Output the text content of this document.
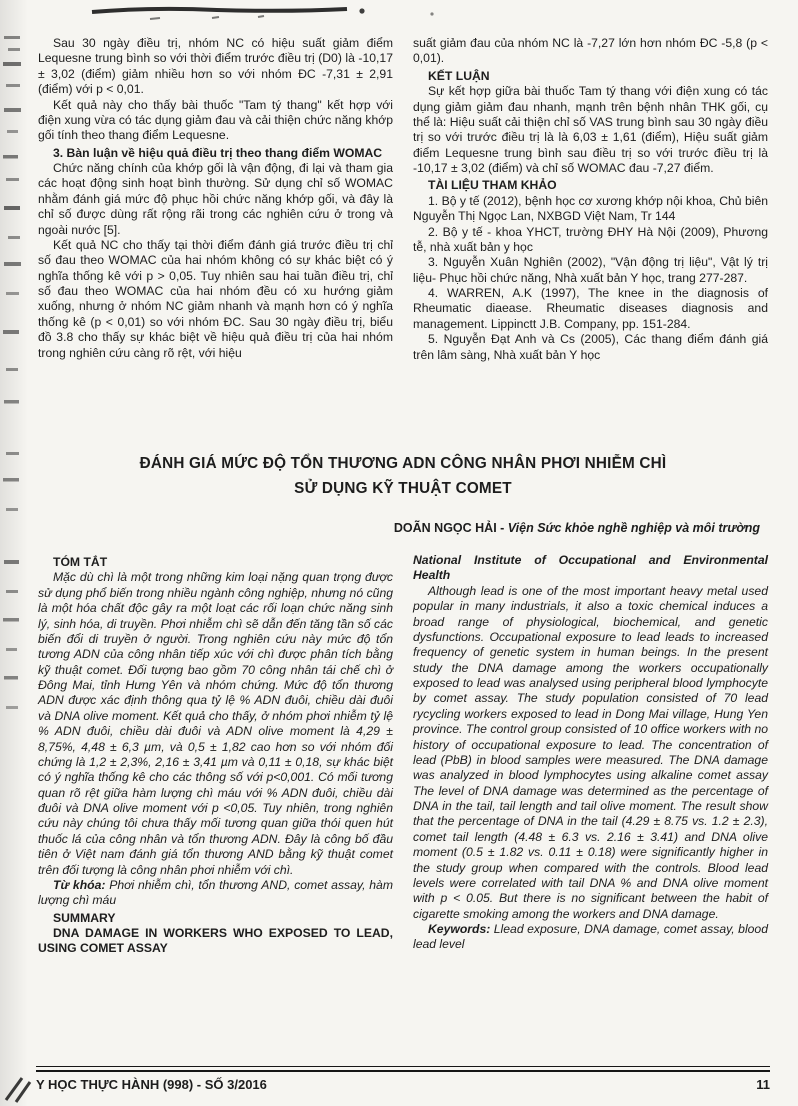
Sau 30 ngày điều trị, nhóm NC có hiệu suất giảm điểm Lequesne trung bình so với thời điểm trước điều trị (D0) là -10,17 ± 3,02 (điểm) giảm nhiều hơn so với nhóm ĐC -7,31 ± 2,91 (điểm) với p < 0,01.

Kết quả này cho thấy bài thuốc "Tam tý thang" kết hợp với điện xung vừa có tác dụng giảm đau và cải thiện chức năng khớp gối tính theo thang điểm Lequesne.

3. Bàn luận về hiệu quả điều trị theo thang điểm WOMAC

Chức năng chính của khớp gối là vận động, đi lại và tham gia các hoạt động sinh hoạt bình thường. Sử dụng chỉ số WOMAC nhằm đánh giá mức độ phục hồi chức năng khớp gối, và đây là chỉ số được dùng rất rộng rãi trong các nghiên cứu ở trong và ngoài nước [5].

Kết quả NC cho thấy tại thời điểm đánh giá trước điều trị chỉ số đau theo WOMAC của hai nhóm không có sự khác biệt có ý nghĩa thống kê với p > 0,05. Tuy nhiên sau hai tuần điều trị, chỉ số đau theo WOMAC của hai nhóm đều có xu hướng giảm xuống, nhưng ở nhóm NC giảm nhanh và mạnh hơn có ý nghĩa thống kê (p < 0,01) so với nhóm ĐC. Sau 30 ngày điều trị, biểu đồ 3.8 cho thấy sự khác biệt về hiệu quả điều trị của hai nhóm trong nghiên cứu càng rõ rệt, với hiệu

suất giảm đau của nhóm NC là -7,27 lớn hơn nhóm ĐC -5,8 (p < 0,01).

KẾT LUẬN

Sự kết hợp giữa bài thuốc Tam tý thang với điện xung có tác dụng giảm giảm đau nhanh, mạnh trên bệnh nhân THK gối, cụ thể là: Hiệu suất cải thiện chỉ số VAS trung bình sau 30 ngày điều trị so với trước điều trị là là 6,03 ± 1,61 (điểm), Hiệu suất giảm điểm Lequesne trung bình sau điều trị so với trước điều trị là -10,17 ± 3,02 (điểm) và chỉ số WOMAC đau -7,27 điểm.

TÀI LIỆU THAM KHẢO

1. Bộ y tế (2012), bệnh học cơ xương khớp nội khoa, Chủ biên Nguyễn Thị Ngọc Lan, NXBGD Việt Nam, Tr 144

2. Bộ y tế - khoa YHCT, trường ĐHY Hà Nội (2009), Phương tễ, nhà xuất bản y học

3. Nguyễn Xuân Nghiên (2002), "Vận động trị liệu", Vật lý trị liệu- Phục hồi chức năng, Nhà xuất bản Y học, trang 277-287.

4. WARREN, A.K (1997), The knee in the diagnosis of Rheumatic diaease. Rheumatic diseases diagnosis and management. Lippinctt J.B. Company, pp. 151-284.

5. Nguyễn Đạt Anh và Cs (2005), Các thang điểm đánh giá trên lâm sàng, Nhà xuất bản Y học

ĐÁNH GIÁ MỨC ĐỘ TỔN THƯƠNG ADN CÔNG NHÂN PHƠI NHIỄM CHÌ
SỬ DỤNG KỸ THUẬT COMET
DOÃN NGỌC HẢI - Viện Sức khỏe nghề nghiệp và môi trường

TÓM TẮT

Mặc dù chì là một trong những kim loại nặng quan trọng được sử dụng phổ biến trong nhiều ngành công nghiệp, nhưng nó cũng là một hóa chất độc gây ra một loạt các rối loạn chức năng sinh lý, sinh hóa, di truyền. Phơi nhiễm chì sẽ dẫn đến tăng tần số các biến đổi di truyền ở người. Trong nghiên cứu này mức độ tổn tương ADN của công nhân tiếp xúc với chì được phân tích bằng kỹ thuật comet. Đối tượng bao gồm 70 công nhân tái chế chì ở Đông Mai, tỉnh Hưng Yên và nhóm chứng. Mức độ tổn thương ADN được xác định thông qua tỷ lệ % ADN đuôi, chiều dài đuôi và DNA olive moment. Kết quả cho thấy, ở nhóm phơi nhiễm tỷ lệ % ADN đuôi, chiều dài đuôi và ADN olive moment là 4,29 ± 8,75%, 4,48 ± 6,3 µm, và 0,5 ± 1,82 cao hơn so với nhóm đối chứng là 1,2 ± 2,3%, 2,16 ± 3,41 µm và 0,11 ± 0,18, sự khác biệt có ý nghĩa thống kê cho các thông số với p<0,001. Có mối tương quan rõ rệt giữa hàm lượng chì máu với % ADN đuôi, chiều dài đuôi và DNA olive moment với p <0,05. Tuy nhiên, trong nghiên cứu này chúng tôi chưa thấy mối tương quan giữa thói quen hút thuốc lá của công nhân và tổn thương ADN. Đây là công bố đầu tiên ở Việt nam đánh giá tổn thương AND bằng kỹ thuật comet trên đối tượng là công nhân phơi nhiễm với chì.

Từ khóa: Phơi nhiễm chì, tổn thương AND, comet assay, hàm lượng chì máu

SUMMARY

DNA DAMAGE IN WORKERS WHO EXPOSED TO LEAD, USING COMET ASSAY

National Institute of Occupational and Environmental Health

Although lead is one of the most important heavy metal used popular in many industrials, it also a toxic chemical induces a broad range of physiological, biochemical, and genetic dysfunctions. Occupational exposure to lead leads to increased frequency of genetic system in human beings. In the present study the DNA damage among the workers occupationally exposed to lead was analysed using peripheral blood lymphocyte by comet assay. The study population consisted of 70 lead rycycling workers exposed to lead in Dong Mai village, Hung Yen province. The control group consisted of 10 office workers with no history of occupational exposure to lead. The concentration of lead (PbB) in blood samples were measured. The DNA damage was analyzed in blood lymphocytes using alkaline comet assay The level of DNA damage was determined as the percentage of DNA in the tail, tail length and tail olive moment. The result show that the percentage of DNA in the tail (4.29 ± 8.75 vs. 1.2 ± 2.3), comet tail length (4.48 ± 6.3 vs. 2.16 ± 3.41) and DNA olive moment (0.5 ± 1.82 vs. 0.11 ± 0.18) were significantly higher in the study group when compared with the controls. Blood lead levels were correlated with tail DNA % and DNA olive moment with p < 0.05. But there is no significant between the habit of cigarette smoking among the workers and DNA damage.

Keywords: Llead exposure, DNA damage, comet assay, blood lead level

Y HỌC THỰC HÀNH (998) - SỐ 3/2016	11
